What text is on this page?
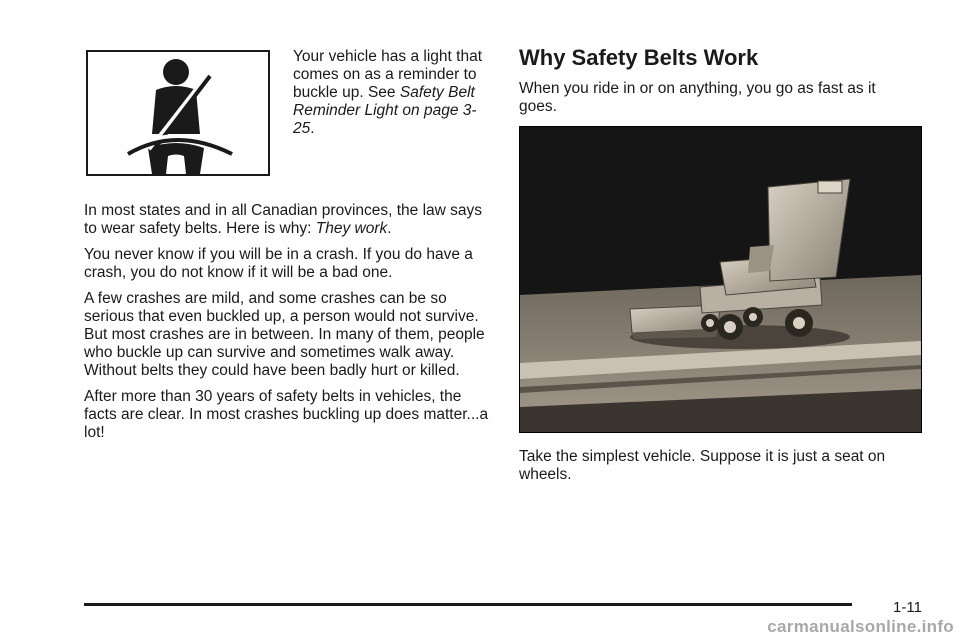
Your vehicle has a light that comes on as a reminder to buckle up. See Safety Belt Reminder Light on page 3-25.

In most states and in all Canadian provinces, the law says to wear safety belts. Here is why: They work.

You never know if you will be in a crash. If you do have a crash, you do not know if it will be a bad one.

A few crashes are mild, and some crashes can be so serious that even buckled up, a person would not survive. But most crashes are in between. In many of them, people who buckle up can survive and sometimes walk away. Without belts they could have been badly hurt or killed.

After more than 30 years of safety belts in vehicles, the facts are clear. In most crashes buckling up does matter...a lot!

Why Safety Belts Work

When you ride in or on anything, you go as fast as it goes.

Take the simplest vehicle. Suppose it is just a seat on wheels.

1-11
carmanualsonline.info
